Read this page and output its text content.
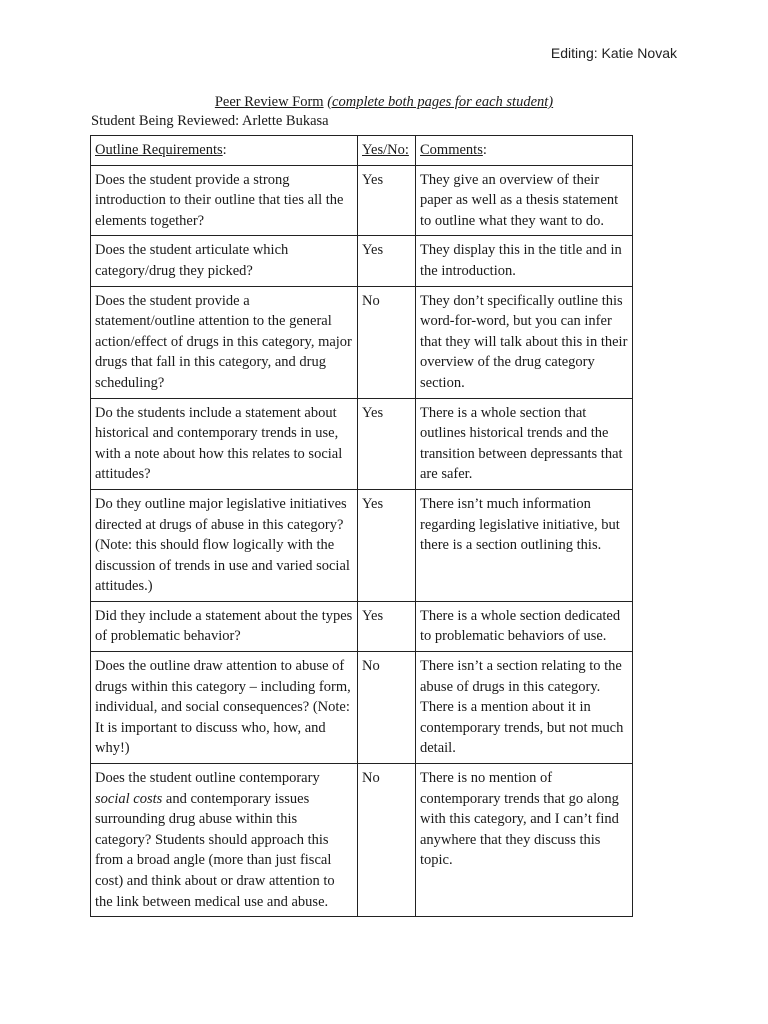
Editing: Katie Novak
Peer Review Form (complete both pages for each student)
Student Being Reviewed: Arlette Bukasa
Outline Requirements:	Yes/No:	Comments:
Does the student provide a strong introduction to their outline that ties all the elements together?	Yes	They give an overview of their paper as well as a thesis statement to outline what they want to do.
Does the student articulate which category/drug they picked?	Yes	They display this in the title and in the introduction.
Does the student provide a statement/outline attention to the general action/effect of drugs in this category, major drugs that fall in this category, and drug scheduling?	No	They don’t specifically outline this word-for-word, but you can infer that they will talk about this in their overview of the drug category section.
Do the students include a statement about historical and contemporary trends in use, with a note about how this relates to social attitudes?	Yes	There is a whole section that outlines historical trends and the transition between depressants that are safer.
Do they outline major legislative initiatives directed at drugs of abuse in this category? (Note: this should flow logically with the discussion of trends in use and varied social attitudes.)	Yes	There isn’t much information regarding legislative initiative, but there is a section outlining this.
Did they include a statement about the types of problematic behavior?	Yes	There is a whole section dedicated to problematic behaviors of use.
Does the outline draw attention to abuse of drugs within this category – including form, individual, and social consequences? (Note: It is important to discuss who, how, and why!)	No	There isn’t a section relating to the abuse of drugs in this category. There is a mention about it in contemporary trends, but not much detail.
Does the student outline contemporary social costs and contemporary issues surrounding drug abuse within this category? Students should approach this from a broad angle (more than just fiscal cost) and think about or draw attention to the link between medical use and abuse.	No	There is no mention of contemporary trends that go along with this category, and I can’t find anywhere that they discuss this topic.
